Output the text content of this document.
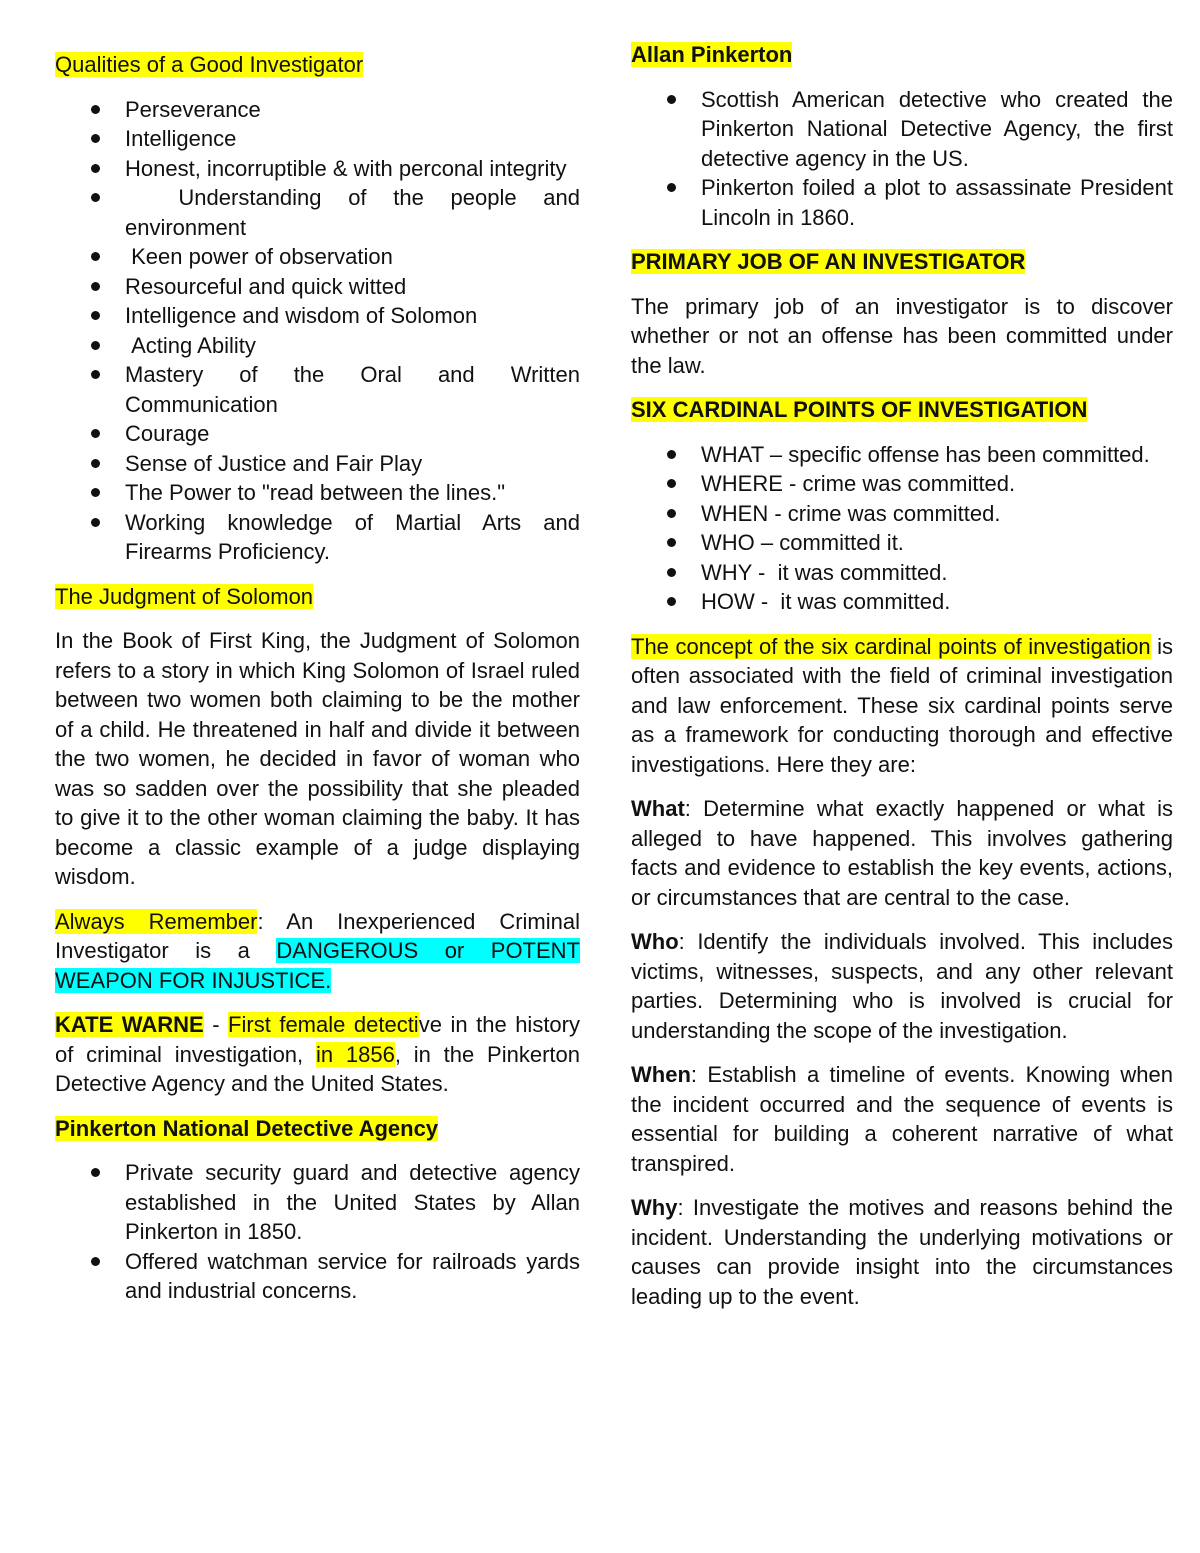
Qualities of a Good Investigator
Perseverance
Intelligence
Honest, incorruptible & with perconal integrity
Understanding of the people and environment
Keen power of observation
Resourceful and quick witted
Intelligence and wisdom of Solomon
Acting Ability
Mastery of the Oral and Written Communication
Courage
Sense of Justice and Fair Play
The Power to "read between the lines."
Working knowledge of Martial Arts and Firearms Proficiency.
The Judgment of Solomon
In the Book of First King, the Judgment of Solomon refers to a story in which King Solomon of Israel ruled between two women both claiming to be the mother of a child. He threatened in half and divide it between the two women, he decided in favor of woman who was so sadden over the possibility that she pleaded to give it to the other woman claiming the baby. It has become a classic example of a judge displaying wisdom.
Always Remember: An Inexperienced Criminal Investigator is a DANGEROUS or POTENT WEAPON FOR INJUSTICE.
KATE WARNE - First female detective in the history of criminal investigation, in 1856, in the Pinkerton Detective Agency and the United States.
Pinkerton National Detective Agency
Private security guard and detective agency established in the United States by Allan Pinkerton in 1850.
Offered watchman service for railroads yards and industrial concerns.
Allan Pinkerton
Scottish American detective who created the Pinkerton National Detective Agency, the first detective agency in the US.
Pinkerton foiled a plot to assassinate President Lincoln in 1860.
PRIMARY JOB OF AN INVESTIGATOR
The primary job of an investigator is to discover whether or not an offense has been committed under the law.
SIX CARDINAL POINTS OF INVESTIGATION
WHAT – specific offense has been committed.
WHERE - crime was committed.
WHEN - crime was committed.
WHO – committed it.
WHY -  it was committed.
HOW -  it was committed.
The concept of the six cardinal points of investigation is often associated with the field of criminal investigation and law enforcement. These six cardinal points serve as a framework for conducting thorough and effective investigations. Here they are:
What: Determine what exactly happened or what is alleged to have happened. This involves gathering facts and evidence to establish the key events, actions, or circumstances that are central to the case.
Who: Identify the individuals involved. This includes victims, witnesses, suspects, and any other relevant parties. Determining who is involved is crucial for understanding the scope of the investigation.
When: Establish a timeline of events. Knowing when the incident occurred and the sequence of events is essential for building a coherent narrative of what transpired.
Why: Investigate the motives and reasons behind the incident. Understanding the underlying motivations or causes can provide insight into the circumstances leading up to the event.
